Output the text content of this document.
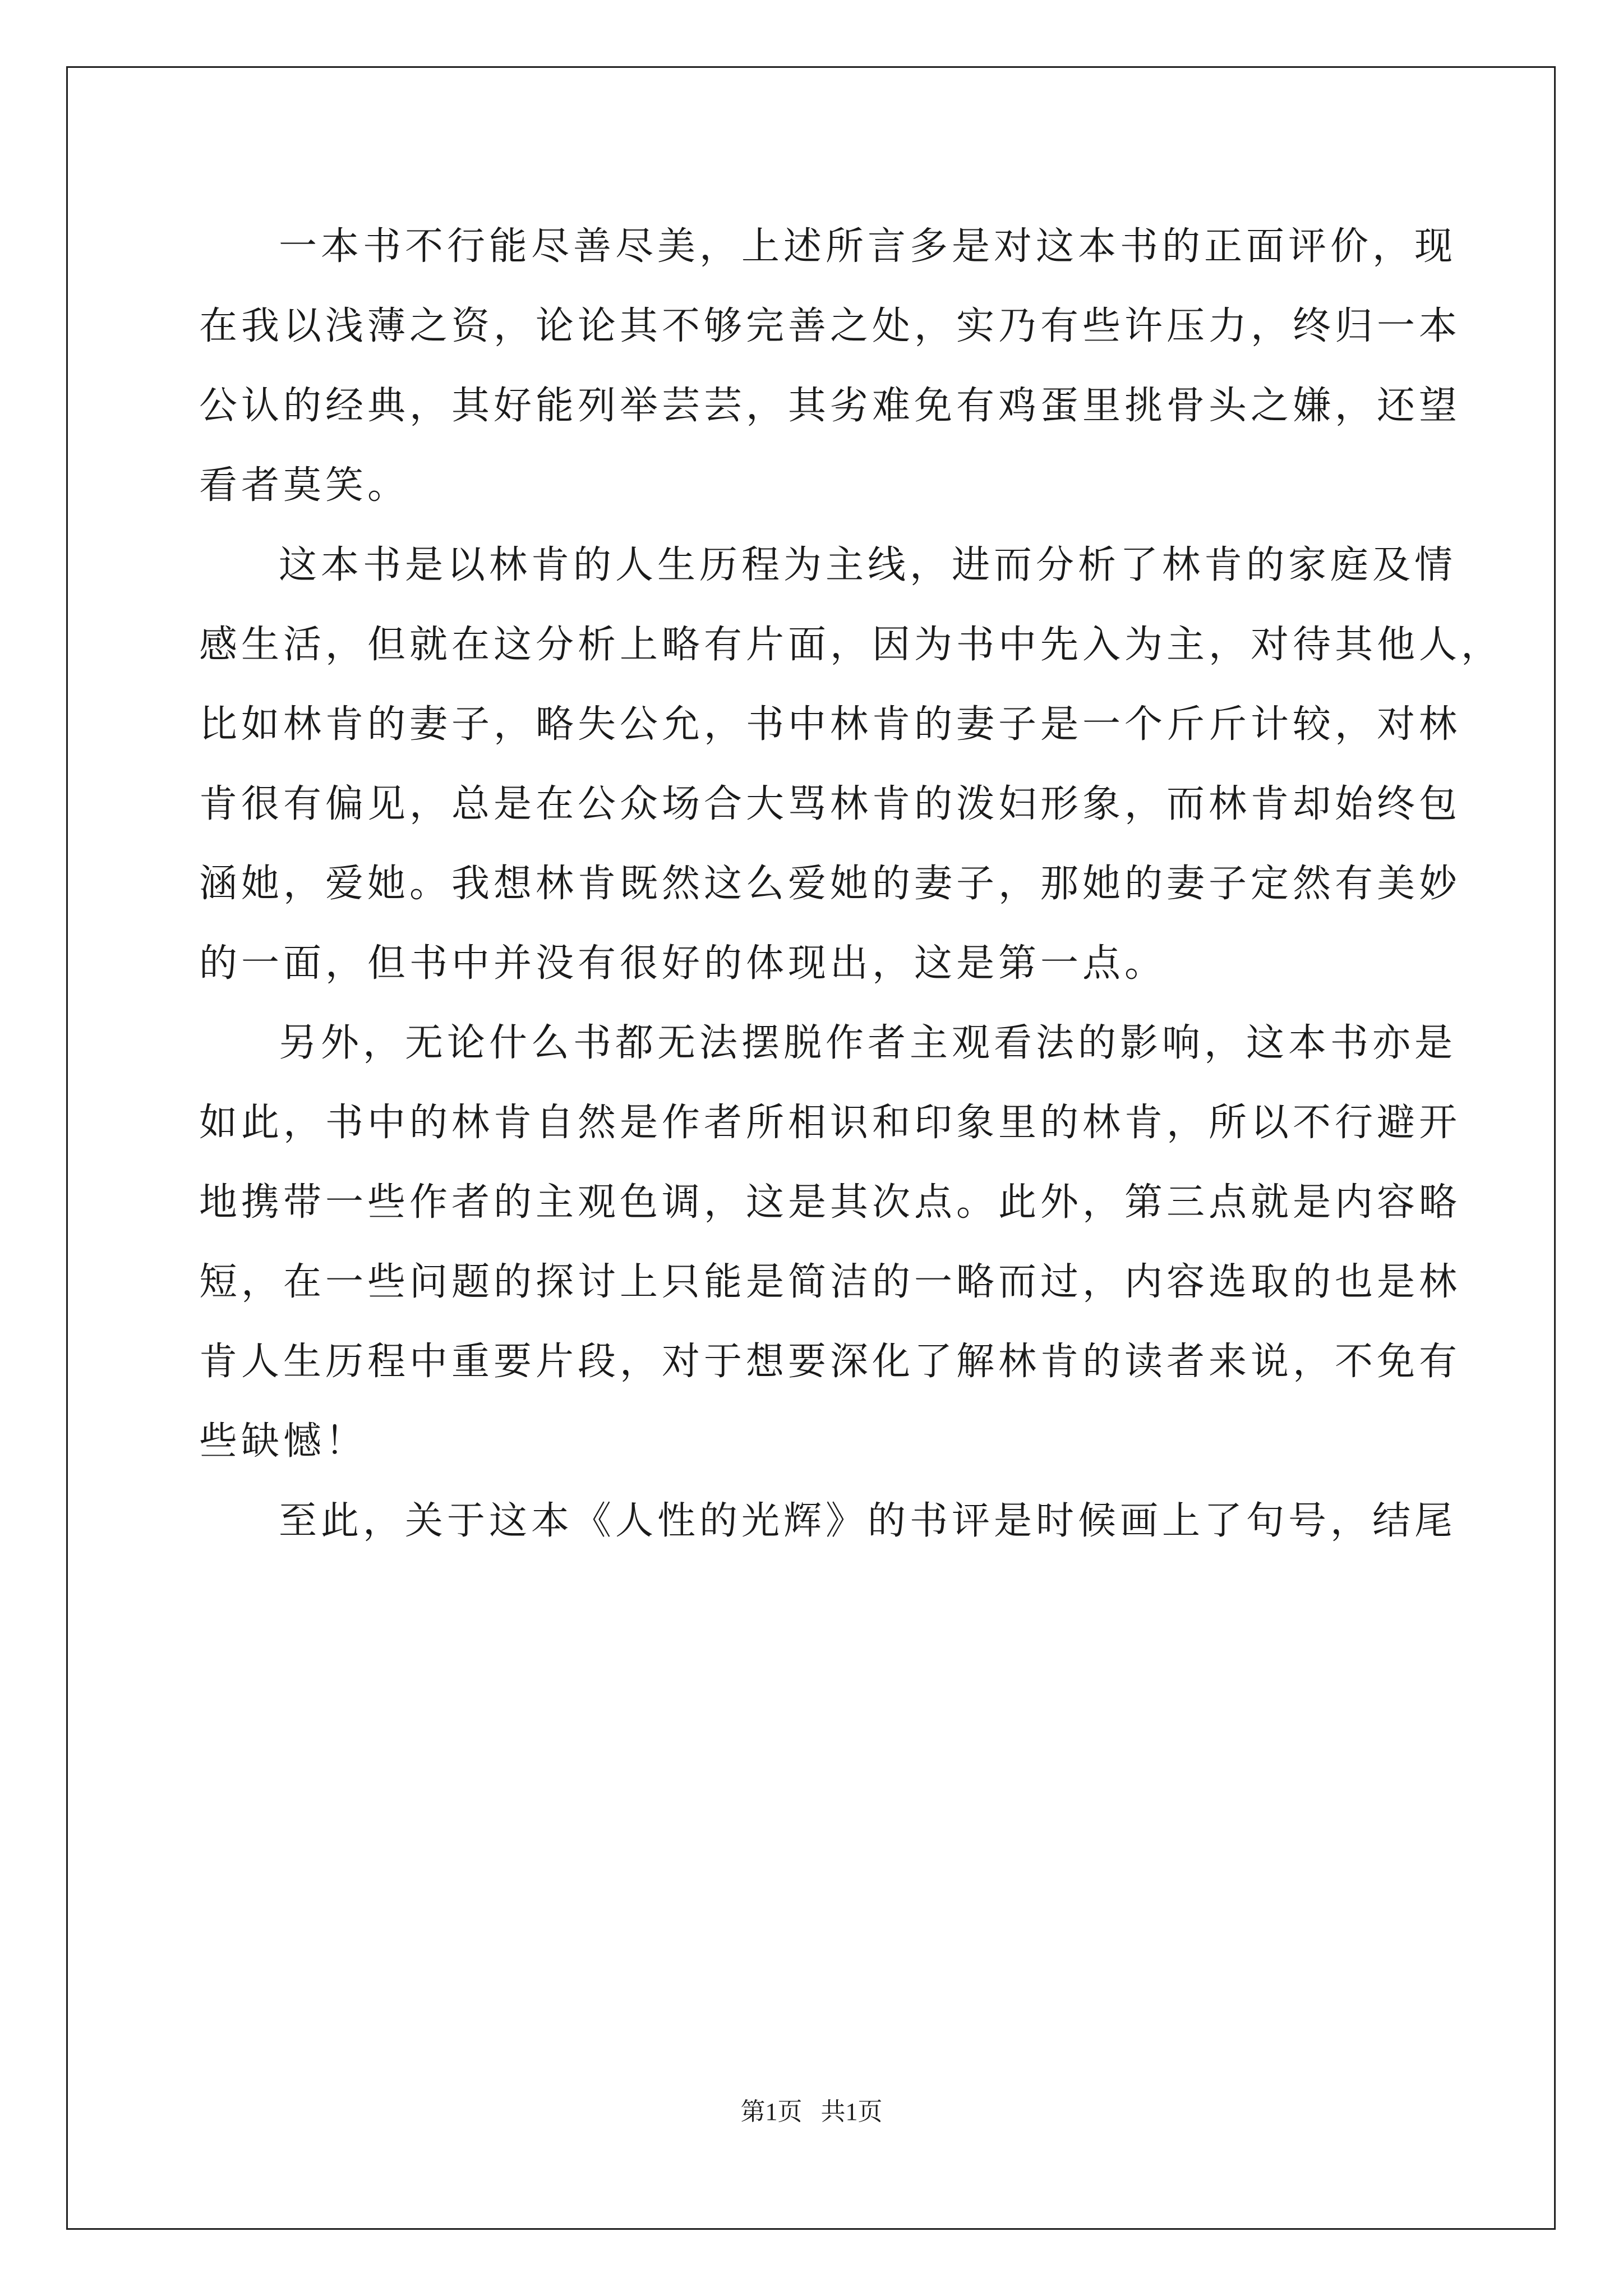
一本书不行能尽善尽美，上述所言多是对这本书的正面评价，现

在我以浅薄之资，论论其不够完善之处，实乃有些许压力，终归一本

公认的经典，其好能列举芸芸，其劣难免有鸡蛋里挑骨头之嫌，还望

看者莫笑。

这本书是以林肯的人生历程为主线，进而分析了林肯的家庭及情

感生活，但就在这分析上略有片面，因为书中先入为主，对待其他人，

比如林肯的妻子，略失公允，书中林肯的妻子是一个斤斤计较，对林

肯很有偏见，总是在公众场合大骂林肯的泼妇形象，而林肯却始终包

涵她，爱她。我想林肯既然这么爱她的妻子，那她的妻子定然有美妙

的一面，但书中并没有很好的体现出，这是第一点。

另外，无论什么书都无法摆脱作者主观看法的影响，这本书亦是

如此，书中的林肯自然是作者所相识和印象里的林肯，所以不行避开

地携带一些作者的主观色调，这是其次点。此外，第三点就是内容略

短，在一些问题的探讨上只能是简洁的一略而过，内容选取的也是林

肯人生历程中重要片段，对于想要深化了解林肯的读者来说，不免有

些缺憾！

至此，关于这本《人性的光辉》的书评是时候画上了句号，结尾

第1页   共1页
